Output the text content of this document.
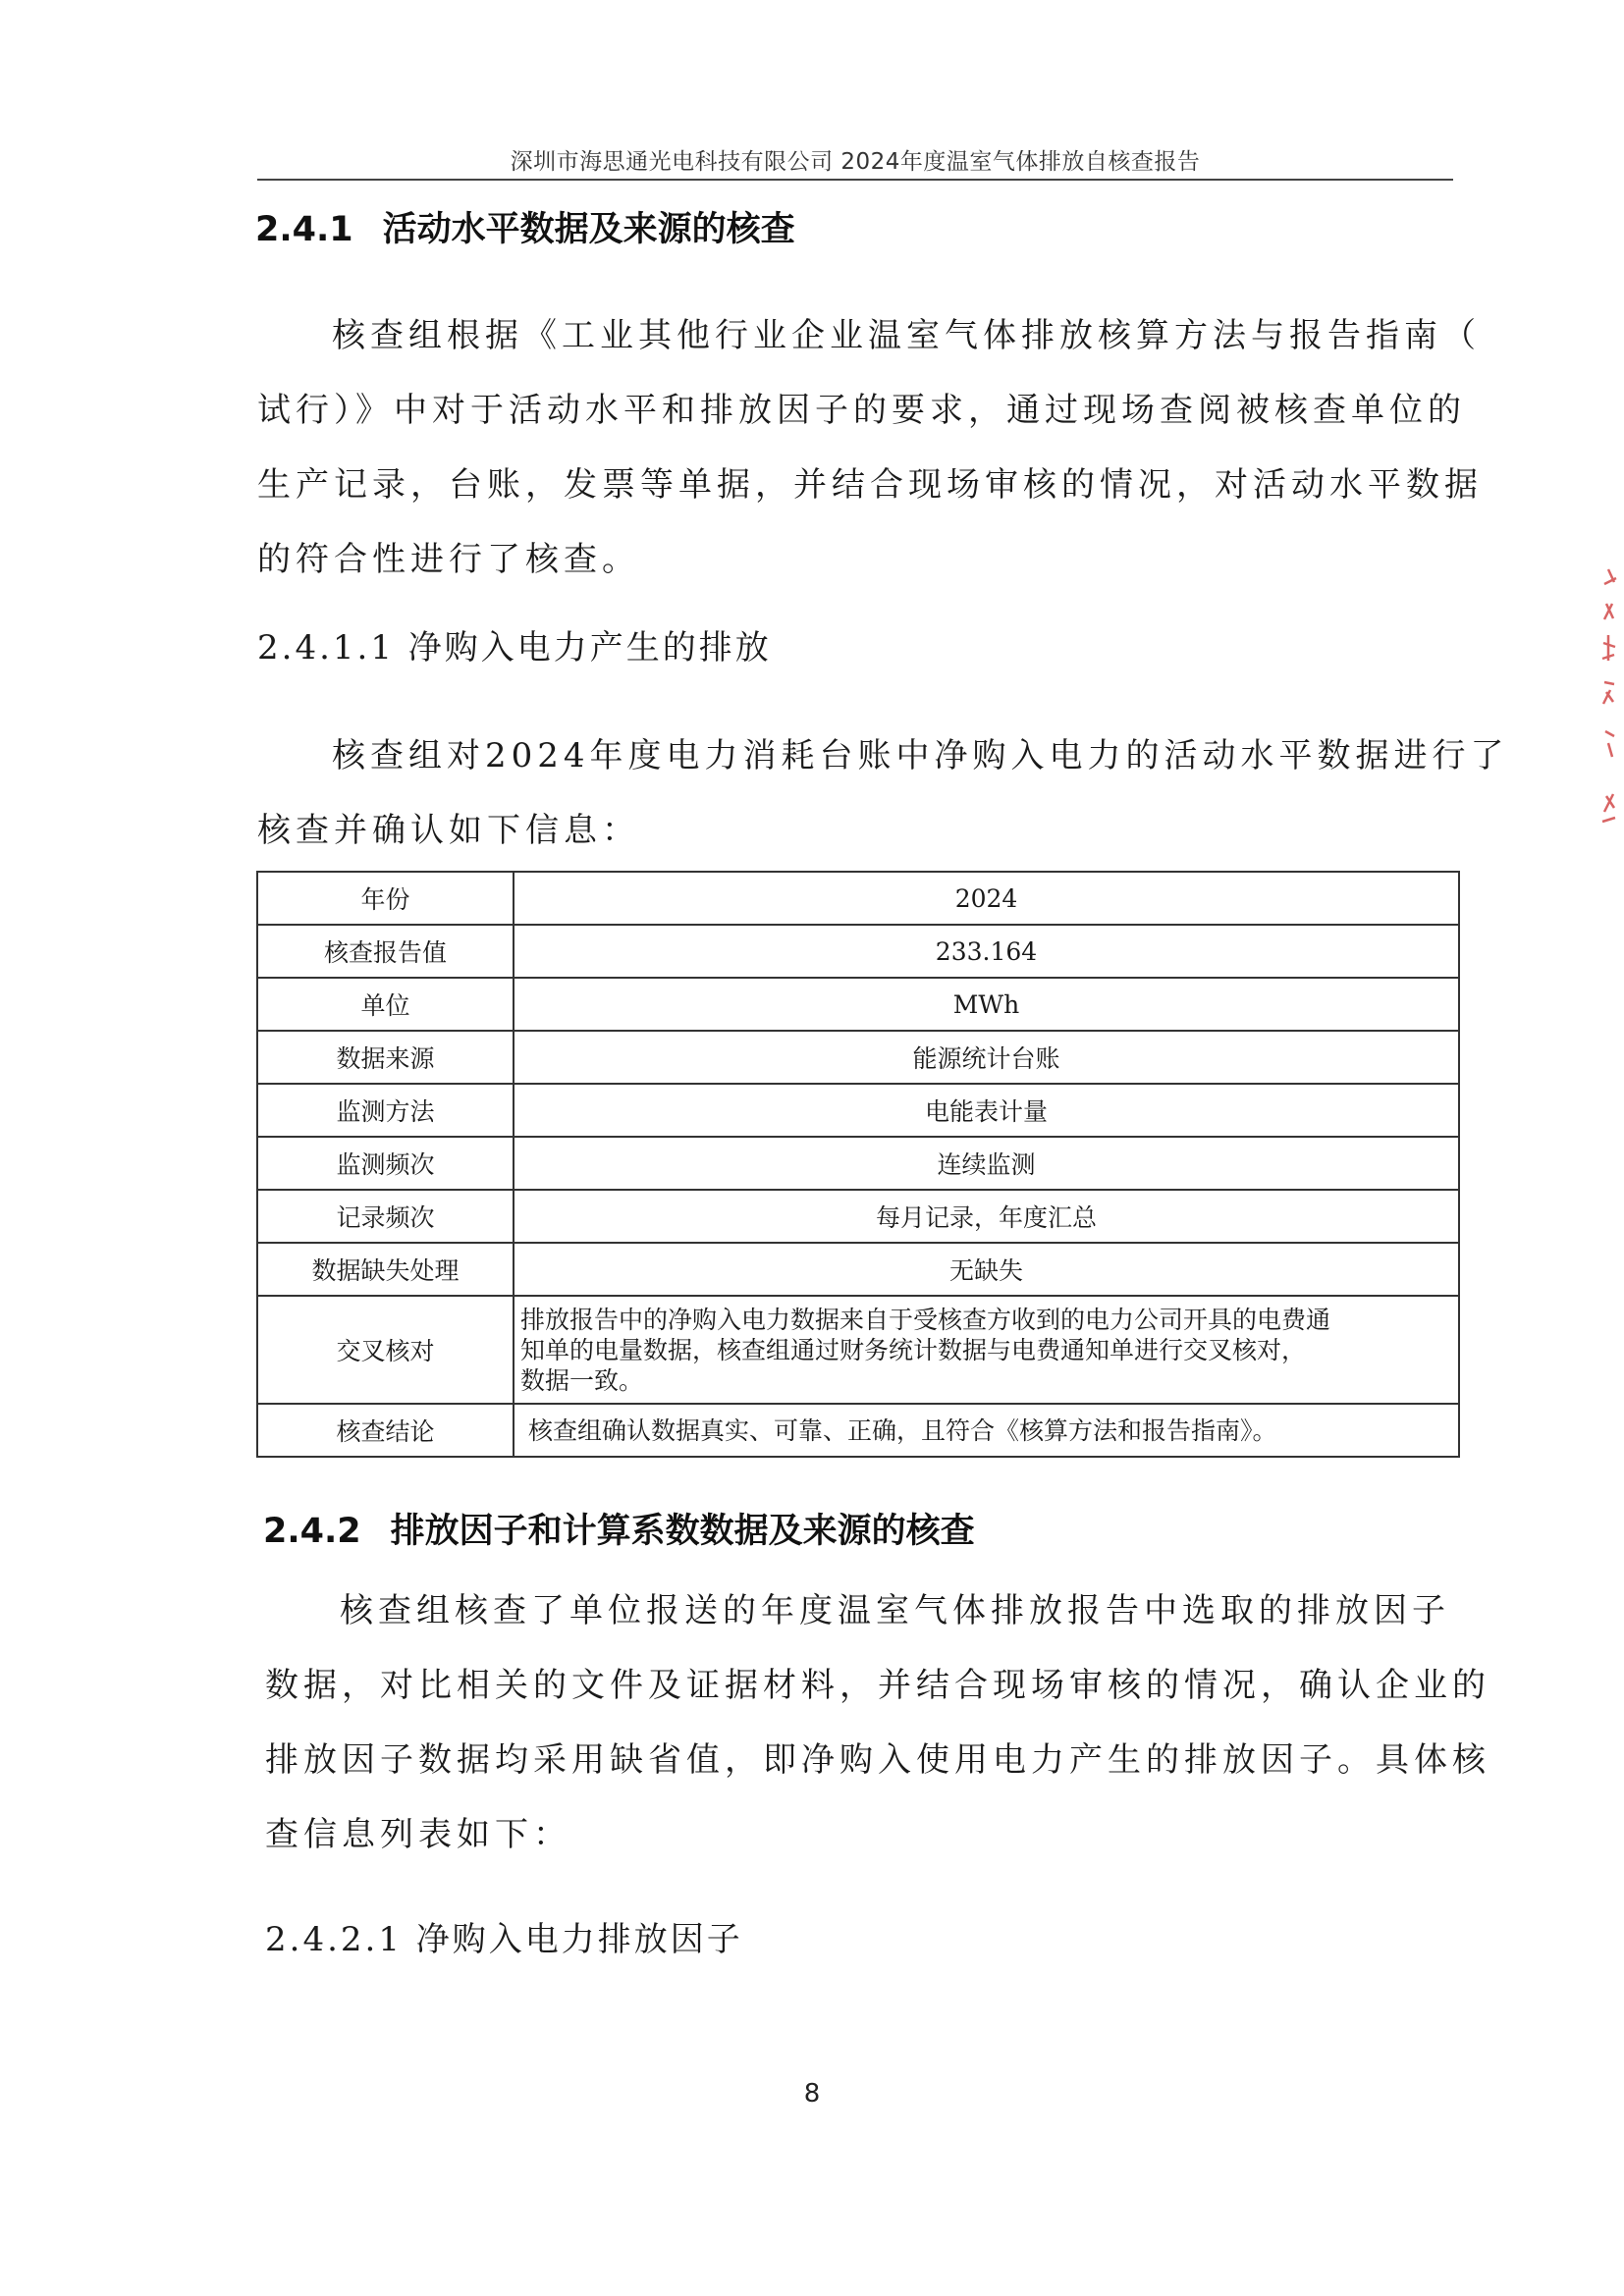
深圳市海思通光电科技有限公司 2024年度温室气体排放自核查报告
2.4.1 活动水平数据及来源的核查

核查组根据《工业其他行业企业温室气体排放核算方法与报告指南（
试行）》中对于活动水平和排放因子的要求，通过现场查阅被核查单位的
生产记录，台账，发票等单据，并结合现场审核的情况，对活动水平数据
的符合性进行了核查。

2.4.1.1 净购入电力产生的排放

核查组对2024年度电力消耗台账中净购入电力的活动水平数据进行了
核查并确认如下信息：

年份	2024
核查报告值	233.164
单位	MWh
数据来源	能源统计台账
监测方法	电能表计量
监测频次	连续监测
记录频次	每月记录，年度汇总
数据缺失处理	无缺失
交叉核对	排放报告中的净购入电力数据来自于受核查方收到的电力公司开具的电费通
知单的电量数据，核查组通过财务统计数据与电费通知单进行交叉核对，
数据一致。

核查结论	核查组确认数据真实、可靠、正确，且符合《核算方法和报告指南》。
2.4.2 排放因子和计算系数数据及来源的核查

核查组核查了单位报送的年度温室气体排放报告中选取的排放因子
数据，对比相关的文件及证据材料，并结合现场审核的情况，确认企业的
排放因子数据均采用缺省值，即净购入使用电力产生的排放因子。具体核
查信息列表如下：

2.4.2.1 净购入电力排放因子
8
